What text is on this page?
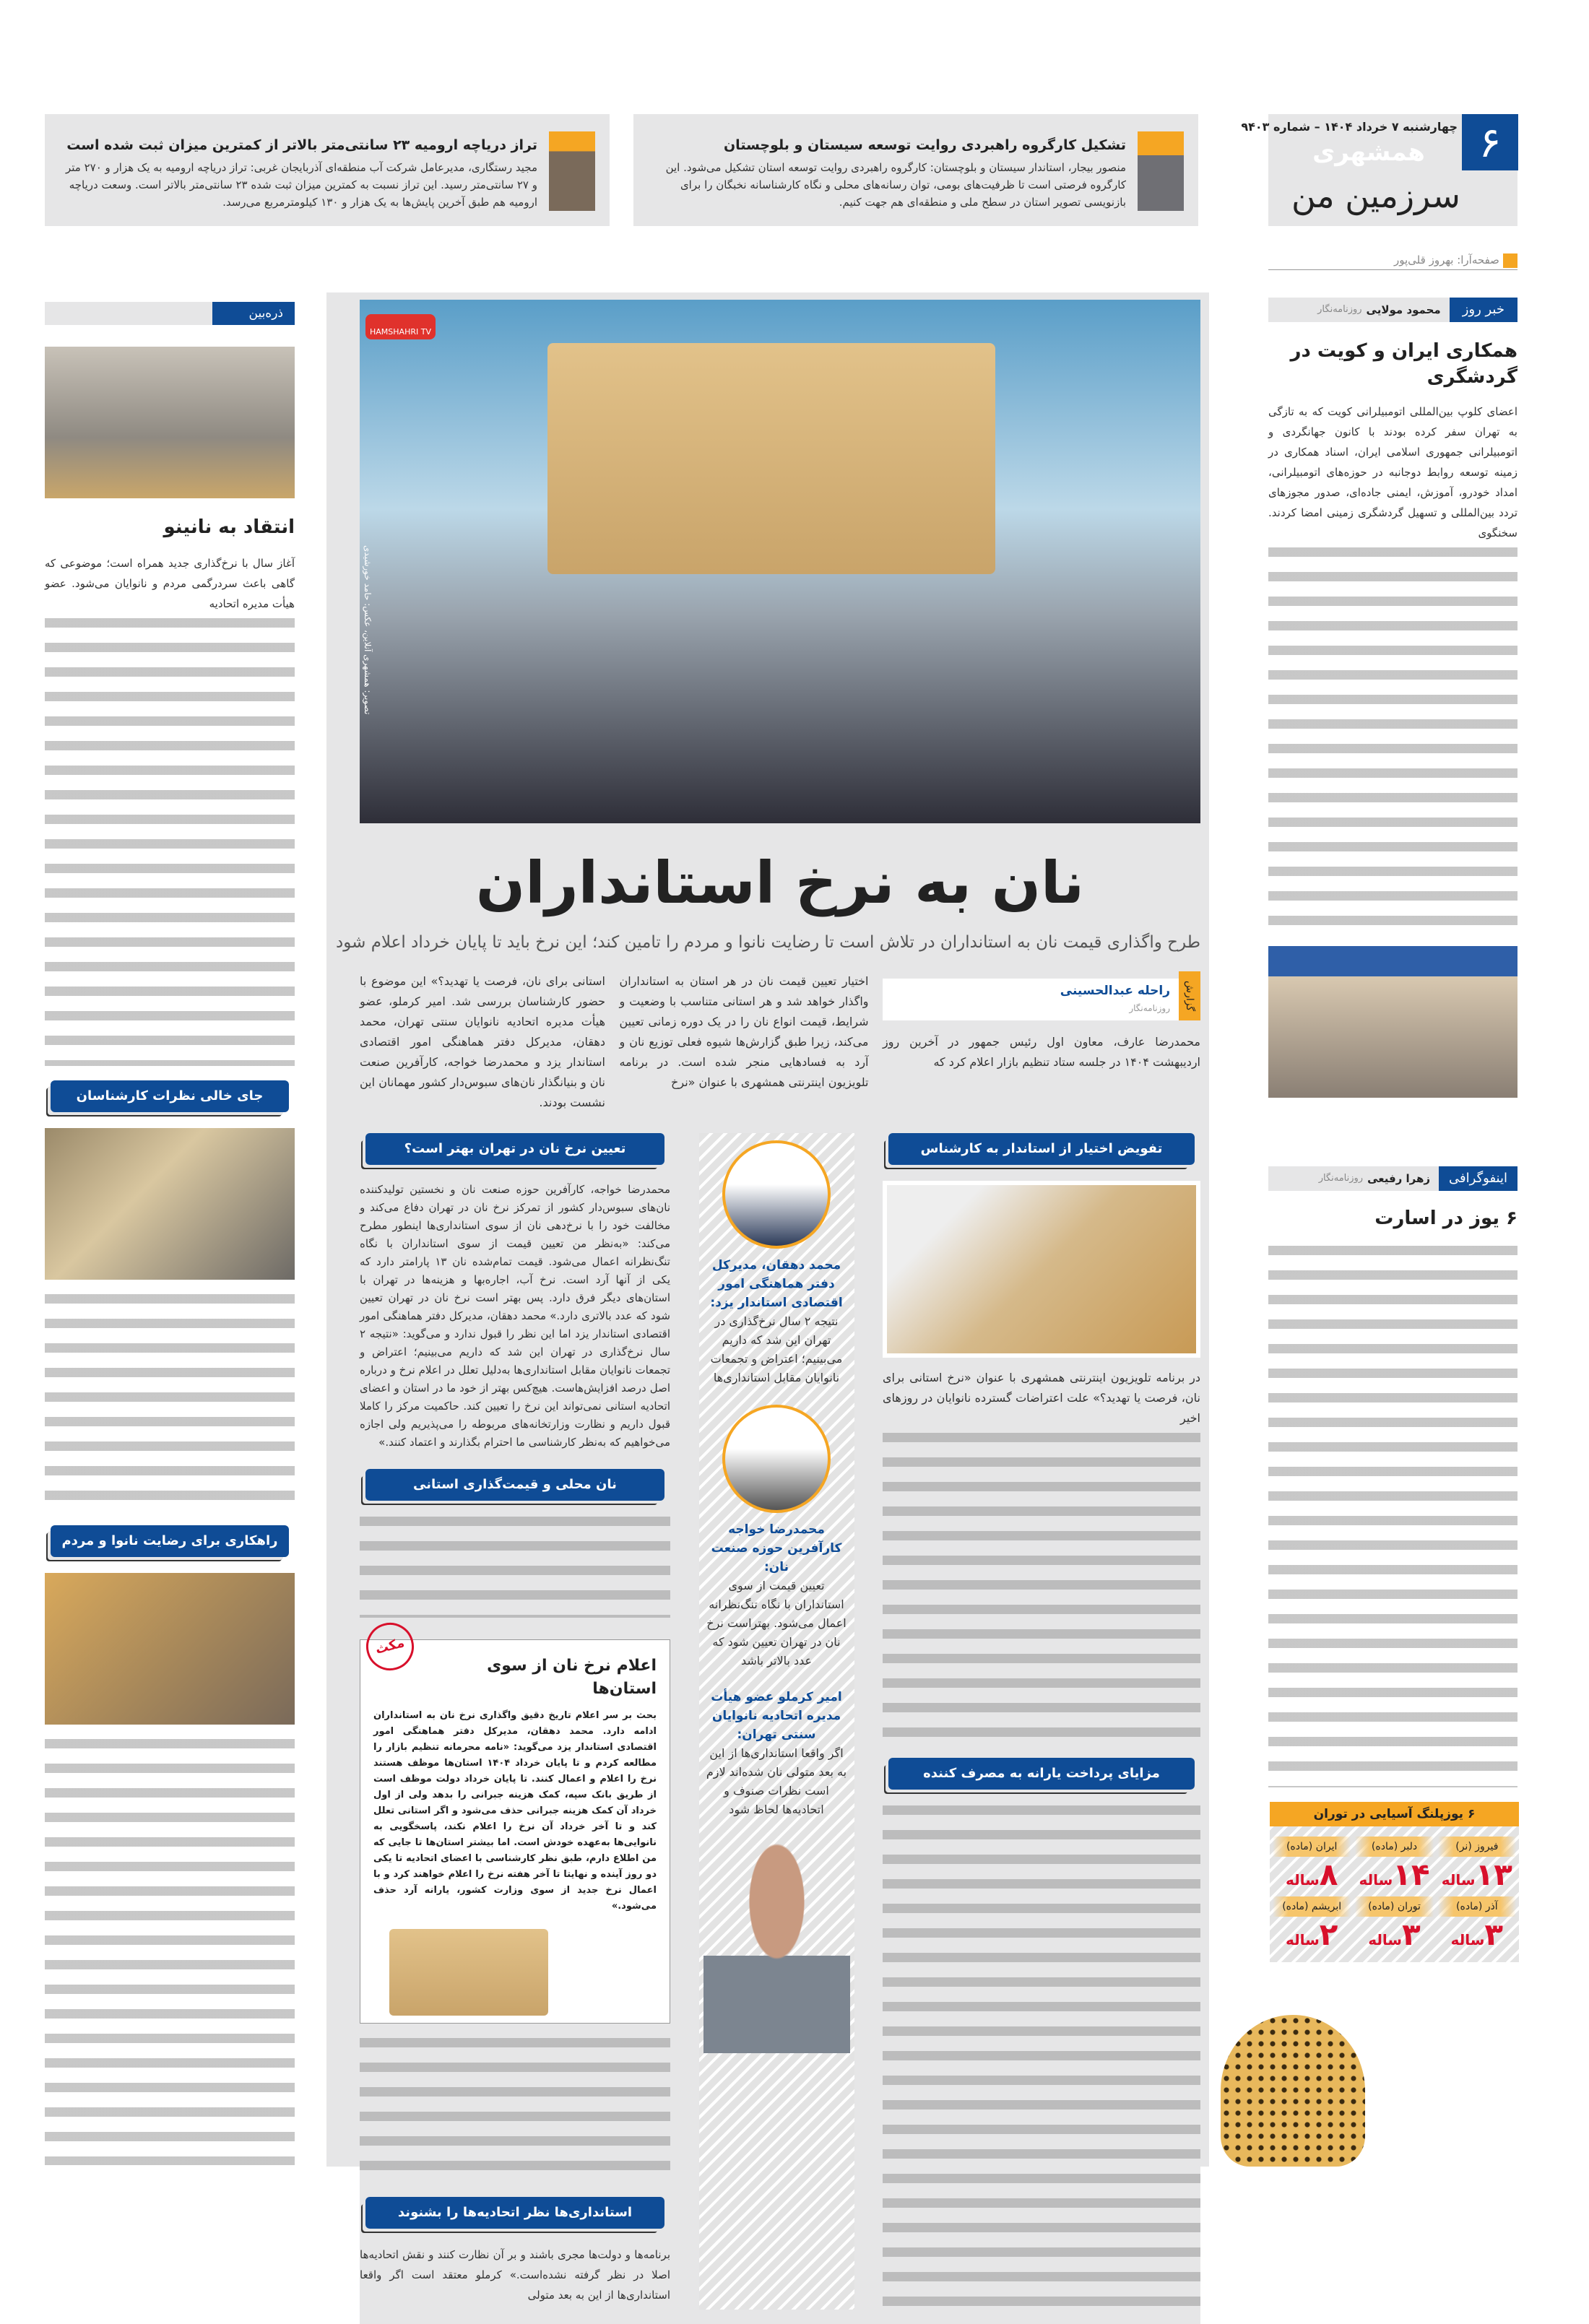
۶
چهارشنبه ۷ خرداد ۱۴۰۴ – شماره ۹۴۰۳
همشهری
سرزمین من
صفحه‌آرا: بهروز قلی‌پور
تشکیل کارگروه راهبردی روایت توسعه سیستان و بلوچستان
منصور بیجار، استاندار سیستان و بلوچستان: کارگروه راهبردی روایت توسعه استان تشکیل می‌شود. این کارگروه فرصتی است تا ظرفیت‌های بومی، توان رسانه‌های محلی و نگاه کارشناسانه نخبگان را برای بازنویسی تصویر استان در سطح ملی و منطقه‌ای هم جهت کنیم.
تراز دریاچه ارومیه ۲۳ سانتی‌متر بالاتر از کمترین میزان ثبت شده است
مجید رستگاری، مدیرعامل شرکت آب منطقه‌ای آذربایجان غربی: تراز دریاچه ارومیه به یک هزار و ۲۷۰ متر و ۲۷ سانتی‌متر رسید. این تراز نسبت به کمترین میزان ثبت شده ۲۳ سانتی‌متر بالاتر است. وسعت دریاچه ارومیه هم طبق آخرین پایش‌ها به یک هزار و ۱۳۰ کیلومترمربع می‌رسد.
خبر روز
محمود مولایی
روزنامه‌نگار
همکاری ایران و کویت در گردشگری
اعضای کلوپ بین‌المللی اتومبیلرانی کویت که به تازگی به تهران سفر کرده بودند با کانون جهانگردی و اتومبیلرانی جمهوری اسلامی ایران، اسناد همکاری در زمینه توسعه روابط دوجانبه در حوزه‌های اتومبیلرانی، امداد خودرو، آموزش، ایمنی جاده‌ای، صدور مجوزهای تردد بین‌المللی و تسهیل گردشگری زمینی امضا کردند. سخنگوی
اینفوگرافی
زهرا رفیعی
روزنامه‌نگار
۶ یوز در اسارت
۶ یوزپلنگ آسیایی در توران
فیروز (نر)
۱۳ساله
دلبر (ماده)
۱۴ساله
ایران (ماده)
۸ساله
آذر (ماده)
۳ساله
توران (ماده)
۳ساله
ابریشم (ماده)
۲ساله
ذره‌بین
انتقاد به نانینو
آغاز سال با نرخ‌گذاری جدید همراه است؛ موضوعی که گاهی باعث سردرگمی مردم و نانوایان می‌شود. عضو هیأت مدیره اتحادیه
جای خالی نظرات کارشناسان
راهکاری برای رضایت نانوا و مردم
HAMSHAHRI TV
تصویر: همشهری آنلاین، عکس: حامد خورشیدی
نان به نرخ استانداران
طرح واگذاری قیمت نان به استانداران در تلاش است تا رضایت نانوا و مردم را تامین کند؛ این نرخ باید تا پایان خرداد اعلام شود
گزارش
راحله عبدالحسینی
روزنامه‌نگار
محمدرضا عارف، معاون اول رئیس جمهور در آخرین روز اردیبهشت ۱۴۰۴ در جلسه ستاد تنظیم بازار اعلام کرد که
اختیار تعیین قیمت نان در هر استان به استانداران واگذار خواهد شد و هر استانی متناسب با وضعیت و شرایط، قیمت انواع نان را در یک دوره زمانی تعیین می‌کند، زیرا طبق گزارش‌ها شیوه فعلی توزیع نان و آرد به فسادهایی منجر شده است. در برنامه تلویزیون اینترنتی همشهری با عنوان «نرخ
استانی برای نان، فرصت یا تهدید؟» این موضوع با حضور کارشناسان بررسی شد. امیر کرملو، عضو هیأت مدیره اتحادیه نانوایان سنتی تهران، محمد دهقان، مدیرکل دفتر هماهنگی امور اقتصادی استاندار یزد و محمدرضا خواجه، کارآفرین صنعت نان و بنیانگذار نان‌های سبوس‌دار کشور مهمانان این نشست بودند.
تفویض اختیار از استاندار به کارشناس
در برنامه تلویزیون اینترنتی همشهری با عنوان «نرخ استانی برای نان، فرصت یا تهدید؟» علت اعتراضات گسترده نانوایان در روزهای اخیر
مزایای پرداخت یارانه به مصرف کننده
محمد دهقان، مدیرکل دفتر هماهنگی امور اقتصادی استاندار یزد:
نتیجه ۲ سال نرخ‌گذاری در تهران این شد که داریم می‌بینیم؛ اعتراض و تجمعات نانوایان مقابل استانداری‌ها
محمدرضا خواجه کارآفرین حوزه صنعت نان:
تعیین قیمت از سوی استانداران با نگاه تنگ‌نظرانه اعمال می‌شود. بهتراست نرخ نان در تهران تعیین شود که عدد بالاتر باشد
امیر کرملو عضو هیأت مدیره اتحادیه نانوایان سنتی تهران:
اگر واقعا استانداری‌ها از این به بعد متولی نان شده‌اند لازم است نظرات صنوف و اتحادیه‌ها لحاظ شود
تعیین نرخ نان در تهران بهتر است؟
محمدرضا خواجه، کارآفرین حوزه صنعت نان و نخستین تولیدکننده نان‌های سبوس‌دار کشور از تمرکز نرخ نان در تهران دفاع می‌کند و مخالفت خود را با نرخ‌دهی نان از سوی استانداری‌ها اینطور مطرح می‌کند: «به‌نظر من تعیین قیمت از سوی استانداران با نگاه تنگ‌نظرانه اعمال می‌شود. قیمت تمام‌شده نان ۱۳ پارامتر دارد که یکی از آنها آرد است. نرخ آب، اجاره‌بها و هزینه‌ها در تهران با استان‌های دیگر فرق دارد. پس بهتر است نرخ نان در تهران تعیین شود که عدد بالاتری دارد.» محمد دهقان، مدیرکل دفتر هماهنگی امور اقتصادی استاندار یزد اما این نظر را قبول ندارد و می‌گوید: «نتیجه ۲ سال نرخ‌گذاری در تهران این شد که داریم می‌بینیم؛ اعتراض و تجمعات نانوایان مقابل استانداری‌ها به‌دلیل تعلل در اعلام نرخ و درباره اصل درصد افزایش‌هاست. هیچ‌کس بهتر از خود ما در استان و اعضای اتحادیه استانی نمی‌تواند این نرخ را تعیین کند. حاکمیت مرکز را کاملا قبول داریم و نظارت وزارتخانه‌های مربوطه را می‌پذیریم ولی اجازه می‌خواهیم که به‌نظر کارشناسی ما احترام بگذارند و اعتماد کنند.»
نان محلی و قیمت‌گذاری استانی
مکث
اعلام نرخ نان از سوی استان‌ها
بحث بر سر اعلام تاریخ دقیق واگذاری نرخ نان به استانداران ادامه دارد. محمد دهقان، مدیرکل دفتر هماهنگی امور اقتصادی استاندار یزد می‌گوید: «نامه محرمانه تنظیم بازار را مطالعه کردم و تا پایان خرداد ۱۴۰۴ استان‌ها موظف هستند نرخ را اعلام و اعمال کنند. تا پایان خرداد دولت موظف است از طریق بانک سپه، کمک هزینه جبرانی را بدهد ولی از اول خرداد آن کمک هزینه جبرانی حذف می‌شود و اگر استانی تعلل کند و تا آخر خرداد آن نرخ را اعلام نکند، پاسخگویی به نانوایی‌ها به‌عهده خودش است. اما بیشتر استان‌ها تا جایی که من اطلاع دارم، طبق نظر کارشناسی با اعضای اتحادیه تا یکی دو روز آینده و نهایتا تا آخر هفته نرخ را اعلام خواهند کرد و با اعمال نرخ جدید از سوی وزارت کشور، یارانه آرد حذف می‌شود.»
استانداری‌ها نظر اتحادیه‌ها را بشنوند
برنامه‌ها و دولت‌ها مجری باشند و بر آن نظارت کنند و نقش اتحادیه‌ها اصلا در نظر گرفته نشده‌است.» کرملو معتقد است اگر واقعا استانداری‌ها از این به بعد متولی
